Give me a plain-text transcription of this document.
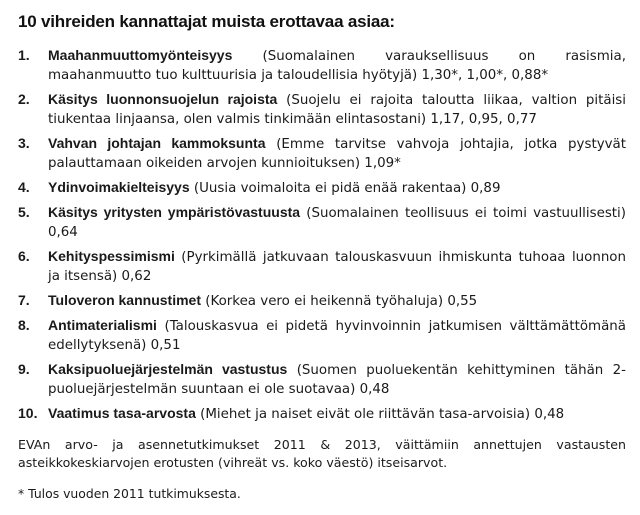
10 vihreiden kannattajat muista erottavaa asiaa:
1.	Maahanmuuttomyönteisyys (Suomalainen varauksellisuus on rasismia, maahanmuutto tuo kulttuurisia ja taloudellisia hyötyjä) 1,30*, 1,00*, 0,88*
2.	Käsitys luonnonsuojelun rajoista (Suojelu ei rajoita taloutta liikaa, valtion pitäisi tiukentaa linjaansa, olen valmis tinkimään elintasostani) 1,17, 0,95, 0,77
3.	Vahvan johtajan kammoksunta (Emme tarvitse vahvoja johtajia, jotka pystyvät palauttamaan oikeiden arvojen kunnioituksen) 1,09*
4.	Ydinvoimakielteisyys (Uusia voimaloita ei pidä enää rakentaa) 0,89
5.	Käsitys yritysten ympäristövastuusta (Suomalainen teollisuus ei toimi vastuullisesti) 0,64
6.	Kehityspessimismi (Pyrkimällä jatkuvaan talouskasvuun ihmiskunta tuhoaa luonnon ja itsensä) 0,62
7.	Tuloveron kannustimet (Korkea vero ei heikennä työhaluja) 0,55
8.	Antimaterialismi (Talouskasvua ei pidetä hyvinvoinnin jatkumisen välttämättömänä edellytyksenä) 0,51
9.	Kaksipuoluejärjestelmän vastustus (Suomen puoluekentän kehittyminen tähän 2-puoluejärjestelmän suuntaan ei ole suotavaa) 0,48
10. Vaatimus tasa-arvosta (Miehet ja naiset eivät ole riittävän tasa-arvoisia) 0,48

EVAn arvo- ja asennetutkimukset 2011 & 2013, väittämiin annettujen vastausten asteikkokeskiarvojen erotusten (vihreät vs. koko väestö) itseisarvot.

* Tulos vuoden 2011 tutkimuksesta.
